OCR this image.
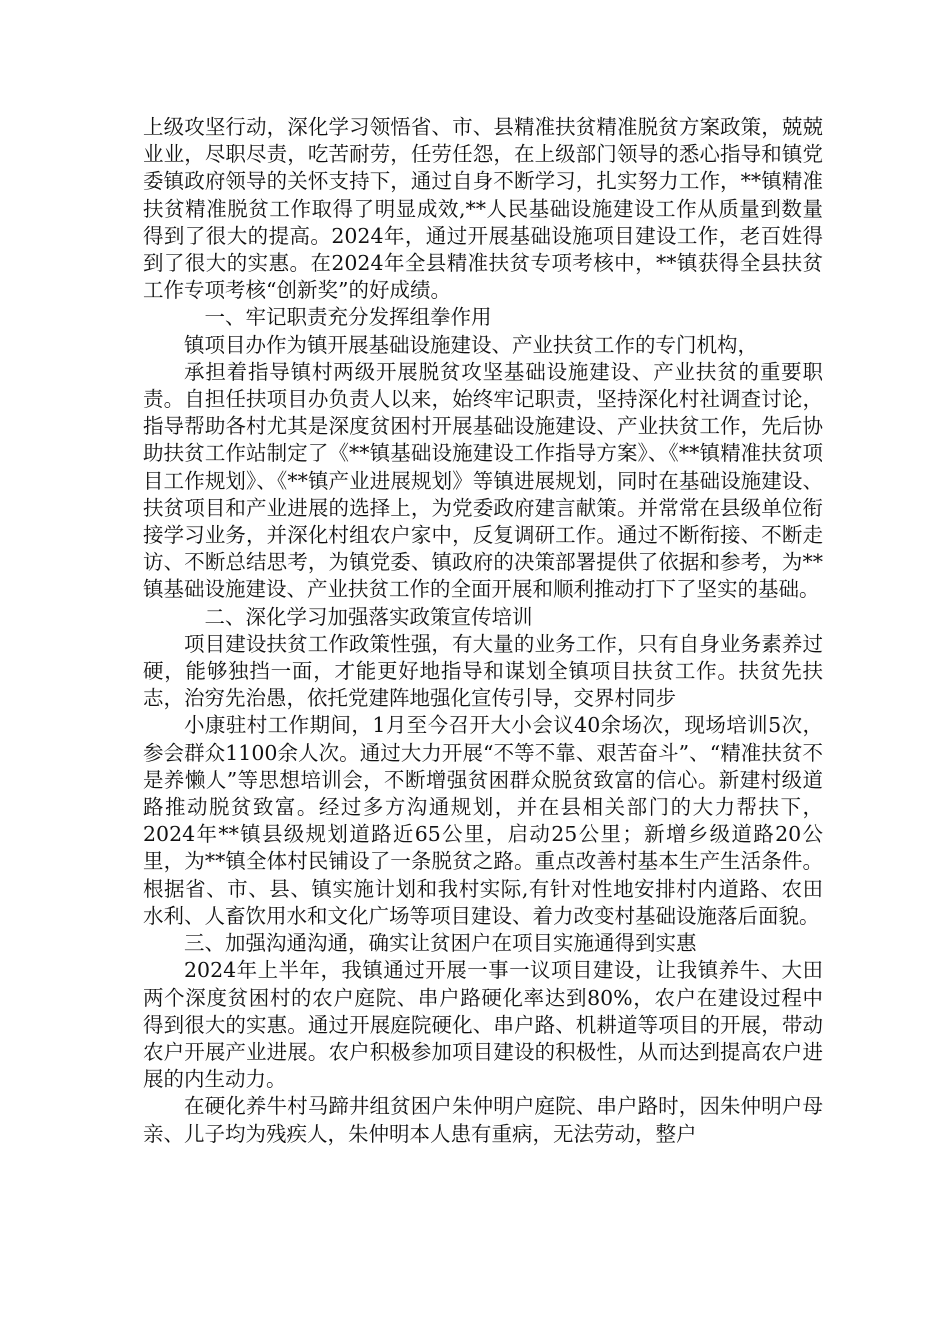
上级攻坚行动，深化学习领悟省、市、县精准扶贫精准脱贫方案政策，兢兢业业，尽职尽责，吃苦耐劳，任劳任怨，在上级部门领导的悉心指导和镇党委镇政府领导的关怀支持下，通过自身不断学习，扎实努力工作，**镇精准扶贫精准脱贫工作取得了明显成效,**人民基础设施建设工作从质量到数量得到了很大的提高。2024年，通过开展基础设施项目建设工作，老百姓得到了很大的实惠。在2024年全县精准扶贫专项考核中，**镇获得全县扶贫工作专项考核“创新奖”的好成绩。

一、牢记职责充分发挥组拳作用

镇项目办作为镇开展基础设施建设、产业扶贫工作的专门机构，

承担着指导镇村两级开展脱贫攻坚基础设施建设、产业扶贫的重要职责。自担任扶项目办负责人以来，始终牢记职责，坚持深化村社调查讨论，指导帮助各村尤其是深度贫困村开展基础设施建设、产业扶贫工作，先后协助扶贫工作站制定了《**镇基础设施建设工作指导方案》、《**镇精准扶贫项目工作规划》、《**镇产业进展规划》等镇进展规划，同时在基础设施建设、扶贫项目和产业进展的选择上，为党委政府建言献策。并常常在县级单位衔接学习业务，并深化村组农户家中，反复调研工作。通过不断衔接、不断走访、不断总结思考，为镇党委、镇政府的决策部署提供了依据和参考，为**镇基础设施建设、产业扶贫工作的全面开展和顺利推动打下了坚实的基础。

二、深化学习加强落实政策宣传培训

项目建设扶贫工作政策性强，有大量的业务工作，只有自身业务素养过硬，能够独挡一面，才能更好地指导和谋划全镇项目扶贫工作。扶贫先扶志，治穷先治愚，依托党建阵地强化宣传引导，交界村同步

小康驻村工作期间，1月至今召开大小会议40余场次，现场培训5次，参会群众1100余人次。通过大力开展“不等不靠、艰苦奋斗”、“精准扶贫不是养懒人”等思想培训会，不断增强贫困群众脱贫致富的信心。新建村级道路推动脱贫致富。经过多方沟通规划，并在县相关部门的大力帮扶下，2024年**镇县级规划道路近65公里，启动25公里；新增乡级道路20公里，为**镇全体村民铺设了一条脱贫之路。重点改善村基本生产生活条件。根据省、市、县、镇实施计划和我村实际,有针对性地安排村内道路、农田水利、人畜饮用水和文化广场等项目建设、着力改变村基础设施落后面貌。

三、加强沟通沟通，确实让贫困户在项目实施通得到实惠

2024年上半年，我镇通过开展一事一议项目建设，让我镇养牛、大田两个深度贫困村的农户庭院、串户路硬化率达到80%，农户在建设过程中得到很大的实惠。通过开展庭院硬化、串户路、机耕道等项目的开展，带动农户开展产业进展。农户积极参加项目建设的积极性，从而达到提高农户进展的内生动力。

在硬化养牛村马蹄井组贫困户朱仲明户庭院、串户路时，因朱仲明户母亲、儿子均为残疾人，朱仲明本人患有重病，无法劳动，整户
